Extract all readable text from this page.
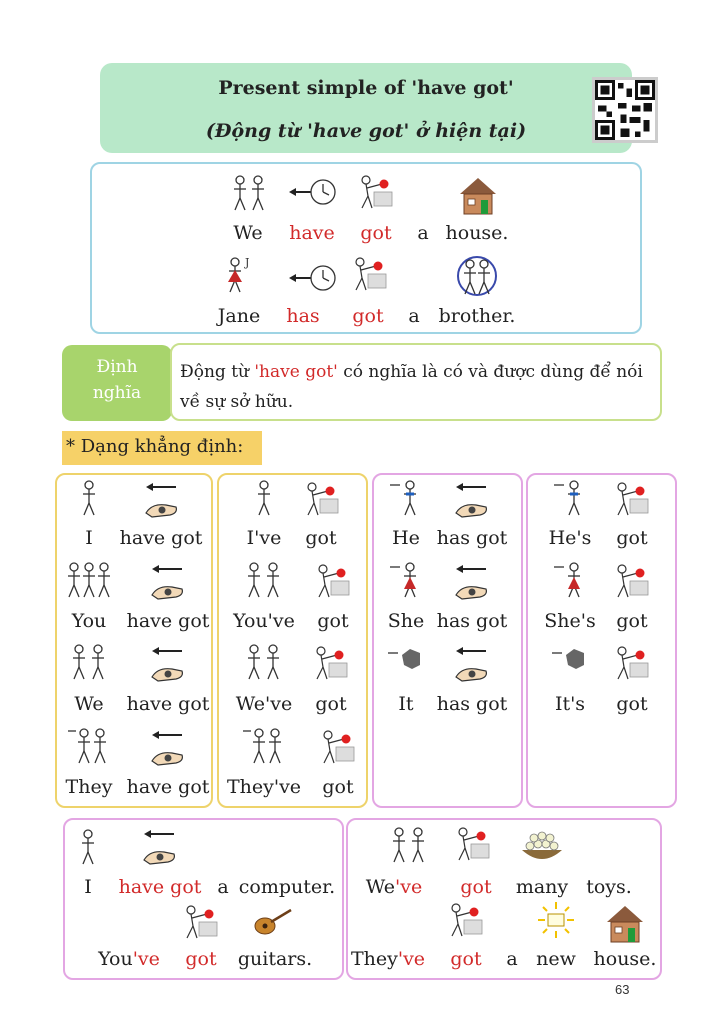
Present simple of 'have got'
(Động từ 'have got' ở hiện tại)
We have got a house.
J
Jane has got a brother.
Định
nghĩa
Động từ 'have got' có nghĩa là có và được dùng để nói về sự sở hữu.
* Dạng khẳng định:
I have got
You have got
We have got
They have got
I've got
You've got
We've got
They've got
He has got
She has got
It has got
He's got
She's got
It's got
I have got a computer.
You've got guitars.
We've got many toys.
They've got a new house.
63
